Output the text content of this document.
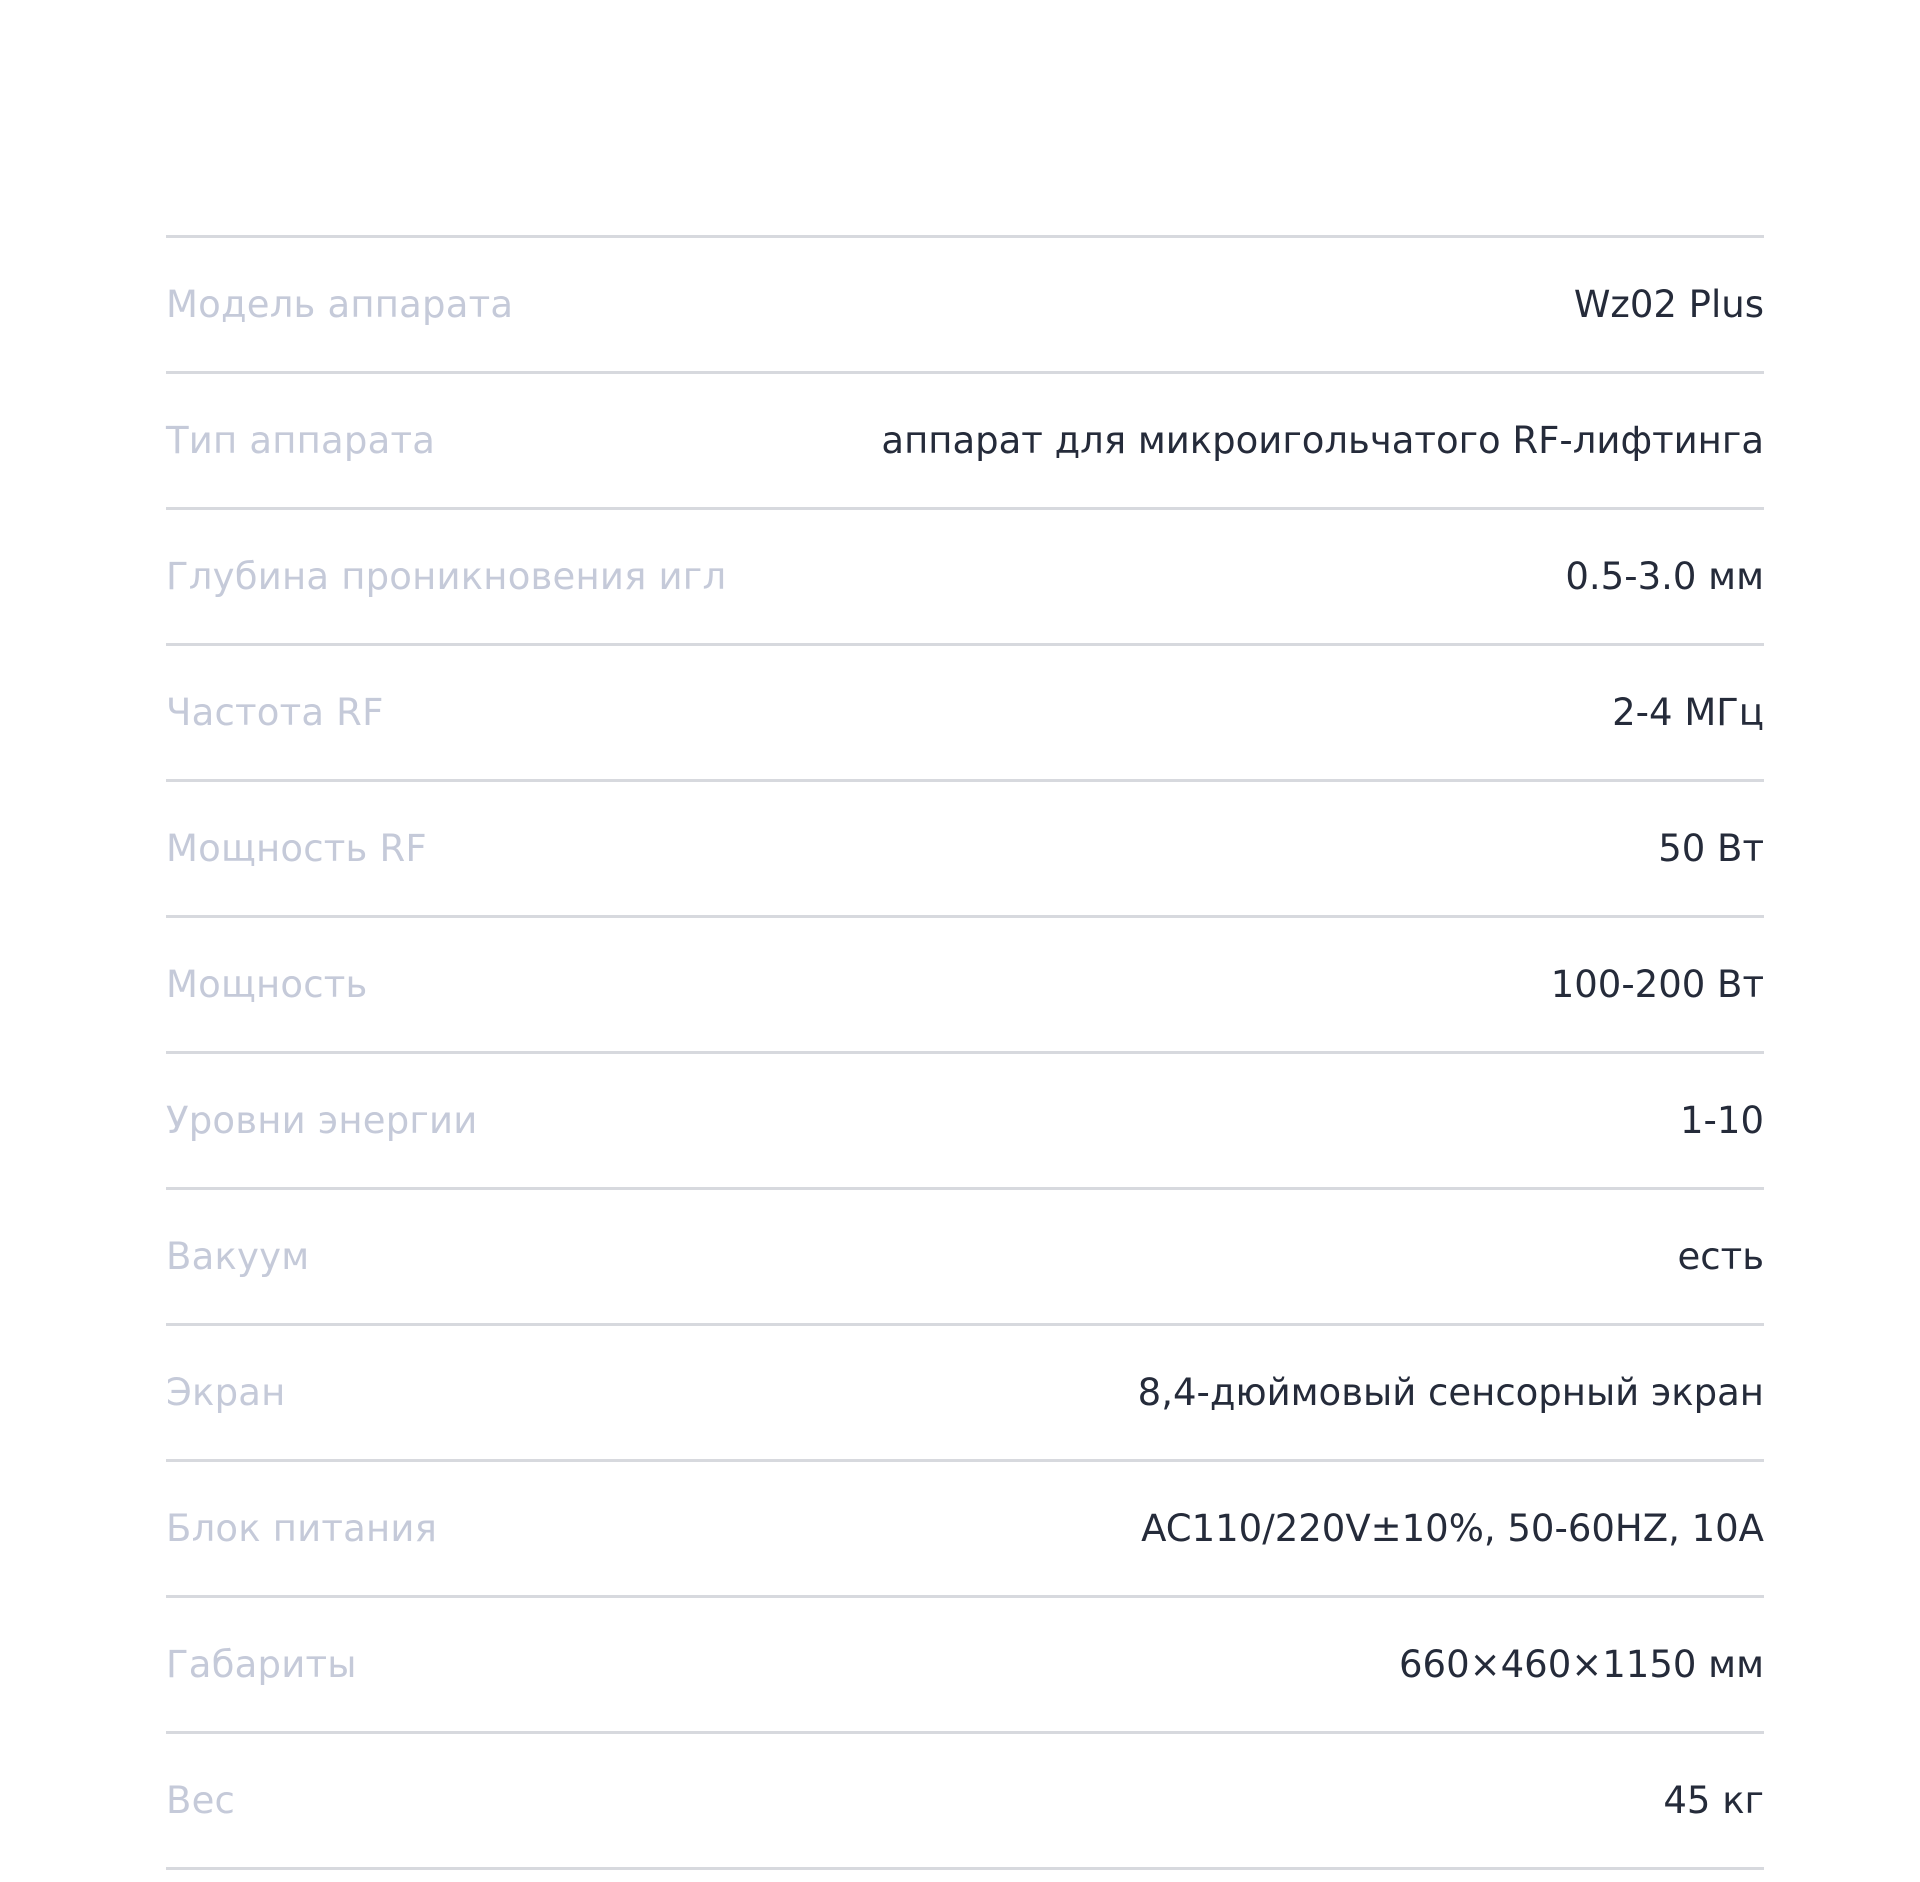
Модель аппарата	Wz02 Plus
Тип аппарата	аппарат для микроигольчатого RF-лифтинга
Глубина проникновения игл	0.5-3.0 мм
Частота RF	2-4 МГц
Мощность RF	50 Вт
Мощность	100-200 Вт
Уровни энергии	1-10
Вакуум	есть
Экран	8,4-дюймовый сенсорный экран
Блок питания	AC110/220V±10%, 50-60HZ, 10A
Габариты	660×460×1150 мм
Вес	45 кг
